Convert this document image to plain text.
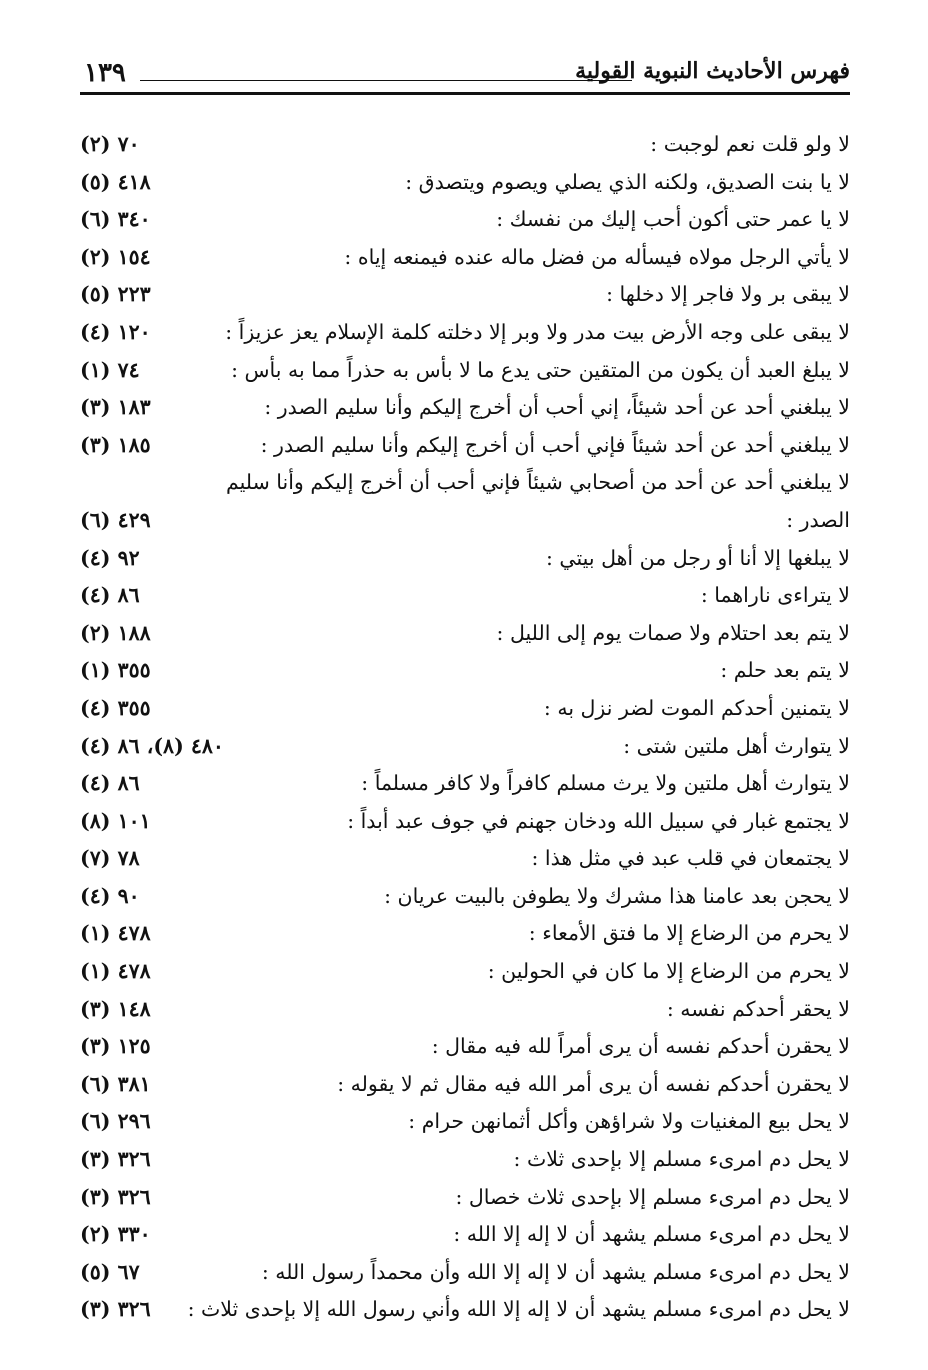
١٣٩	فهرس الأحاديث النبوية القولية
لا ولو قلت نعم لوجبت :
٧٠ (٢)
لا يا بنت الصديق، ولكنه الذي يصلي ويصوم ويتصدق :
٤١٨ (٥)
لا يا عمر حتى أكون أحب إليك من نفسك :
٣٤٠ (٦)
لا يأتي الرجل مولاه فيسأله من فضل ماله عنده فيمنعه إياه :
١٥٤ (٢)
لا يبقى بر ولا فاجر إلا دخلها :
٢٢٣ (٥)
لا يبقى على وجه الأرض بيت مدر ولا وبر إلا دخلته كلمة الإسلام يعز عزيزاً :
١٢٠ (٤)
لا يبلغ العبد أن يكون من المتقين حتى يدع ما لا بأس به حذراً مما به بأس :
٧٤ (١)
لا يبلغني أحد عن أحد شيئاً، إني أحب أن أخرج إليكم وأنا سليم الصدر :
١٨٣ (٣)
لا يبلغني أحد عن أحد شيئاً فإني أحب أن أخرج إليكم وأنا سليم الصدر :
١٨٥ (٣)
لا يبلغني أحد عن أحد من أصحابي شيئاً فإني أحب أن أخرج إليكم وأنا سليم الصدر :
٤٢٩ (٦)
لا يبلغها إلا أنا أو رجل من أهل بيتي :
٩٢ (٤)
لا يتراءى ناراهما :
٨٦ (٤)
لا يتم بعد احتلام ولا صمات يوم إلى الليل :
١٨٨ (٢)
لا يتم بعد حلم :
٣٥٥ (١)
لا يتمنين أحدكم الموت لضر نزل به :
٣٥٥ (٤)
لا يتوارث أهل ملتين شتى :
٤٨٠ (٨)، ٨٦ (٤)
لا يتوارث أهل ملتين ولا يرث مسلم كافراً ولا كافر مسلماً :
٨٦ (٤)
لا يجتمع غبار في سبيل الله ودخان جهنم في جوف عبد أبداً :
١٠١ (٨)
لا يجتمعان في قلب عبد في مثل هذا :
٧٨ (٧)
لا يحجن بعد عامنا هذا مشرك ولا يطوفن بالبيت عريان :
٩٠ (٤)
لا يحرم من الرضاع إلا ما فتق الأمعاء :
٤٧٨ (١)
لا يحرم من الرضاع إلا ما كان في الحولين :
٤٧٨ (١)
لا يحقر أحدكم نفسه :
١٤٨ (٣)
لا يحقرن أحدكم نفسه أن يرى أمراً لله فيه مقال :
١٢٥ (٣)
لا يحقرن أحدكم نفسه أن يرى أمر الله فيه مقال ثم لا يقوله :
٣٨١ (٦)
لا يحل بيع المغنيات ولا شراؤهن وأكل أثمانهن حرام :
٢٩٦ (٦)
لا يحل دم امرىء مسلم إلا بإحدى ثلاث :
٣٢٦ (٣)
لا يحل دم امرىء مسلم إلا بإحدى ثلاث خصال :
٣٢٦ (٣)
لا يحل دم امرىء مسلم يشهد أن لا إله إلا الله :
٣٣٠ (٢)
لا يحل دم امرىء مسلم يشهد أن لا إله إلا الله وأن محمداً رسول الله :
٦٧ (٥)
لا يحل دم امرىء مسلم يشهد أن لا إله إلا الله وأني رسول الله إلا بإحدى ثلاث :
٣٢٦ (٣)
